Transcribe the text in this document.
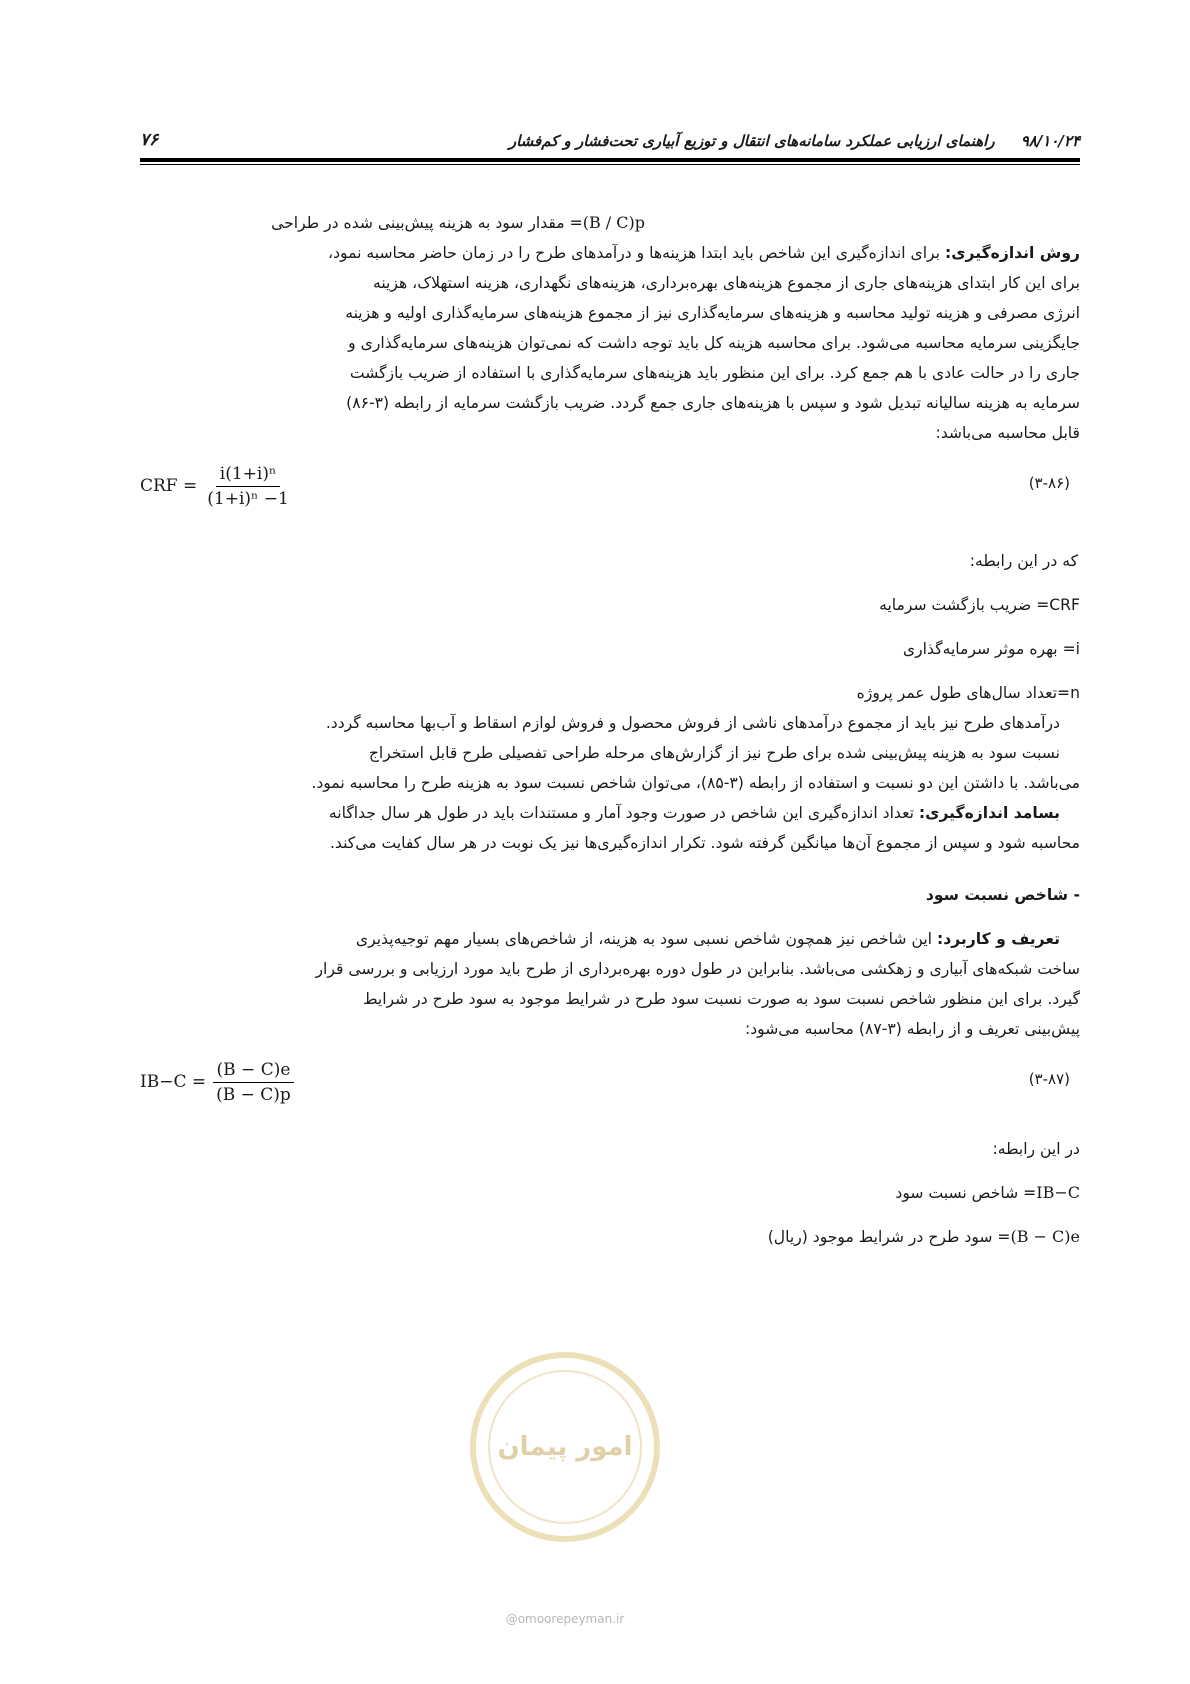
۹۸/۱۰/۲۴     راهنمای ارزیابی عملکرد سامانه‌های انتقال و توزیع آبیاری تحت‌فشار و کم‌فشار
۷۶
(B / C)p= مقدار سود به هزینه پیش‌بینی شده در طراحی
روش اندازه‌گیری: برای اندازه‌گیری این شاخص باید ابتدا هزینه‌ها و درآمدهای طرح را در زمان حاضر محاسبه نمود،
برای این کار ابتدای هزینه‌های جاری از مجموع هزینه‌های بهره‌برداری، هزینه‌های نگهداری، هزینه استهلاک، هزینه
انرژی مصرفی و هزینه تولید محاسبه و هزینه‌های سرمایه‌گذاری نیز از مجموع هزینه‌های سرمایه‌گذاری اولیه و هزینه
جایگزینی سرمایه محاسبه می‌شود. برای محاسبه هزینه کل باید توجه داشت که نمی‌توان هزینه‌های سرمایه‌گذاری و
جاری را در حالت عادی با هم جمع کرد. برای این منظور باید هزینه‌های سرمایه‌گذاری با استفاده از ضریب بازگشت
سرمایه به هزینه سالیانه تبدیل شود و سپس با هزینه‌های جاری جمع گردد. ضریب بازگشت سرمایه از رابطه (۳-۸۶)
قابل محاسبه می‌باشد:
(۳-۸۶)
CRF = $\frac{\text{i(1+i)ⁿ}}{\text{(1+i)ⁿ −1}}$
که در این رابطه:
CRF= ضریب بازگشت سرمایه
i= بهره موثر سرمایه‌گذاری
n=تعداد سال‌های طول عمر پروژه
درآمدهای طرح نیز باید از مجموع درآمدهای ناشی از فروش محصول و فروش لوازم اسقاط و آب‌بها محاسبه گردد.
نسبت سود به هزینه پیش‌بینی شده برای طرح نیز از گزارش‌های مرحله طراحی تفصیلی طرح قابل استخراج
می‌باشد. با داشتن این دو نسبت و استفاده از رابطه (۳-۸۵)، می‌توان شاخص نسبت سود به هزینه طرح را محاسبه نمود.
بسامد اندازه‌گیری: تعداد اندازه‌گیری این شاخص در صورت وجود آمار و مستندات باید در طول هر سال جداگانه
محاسبه شود و سپس از مجموع آن‌ها میانگین گرفته شود. تکرار اندازه‌گیری‌ها نیز یک نوبت در هر سال کفایت می‌کند.
- شاخص نسبت سود
تعریف و کاربرد: این شاخص نیز همچون شاخص نسبی سود به هزینه، از شاخص‌های بسیار مهم توجیه‌پذیری
ساخت شبکه‌های آبیاری و زهکشی می‌باشد. بنابراین در طول دوره بهره‌برداری از طرح باید مورد ارزیابی و بررسی قرار
گیرد. برای این منظور شاخص نسبت سود به صورت نسبت سود طرح در شرایط موجود به سود طرح در شرایط
پیش‌بینی تعریف و از رابطه (۳-۸۷) محاسبه می‌شود:
(۳-۸۷)
$IB-C = \frac{(B - C)e}{(B - C)p}$
در این رابطه:
IB−C= شاخص نسبت سود
(B − C)e= سود طرح در شرایط موجود (ریال)
امور پیمان
@omoorepeyman.ir
